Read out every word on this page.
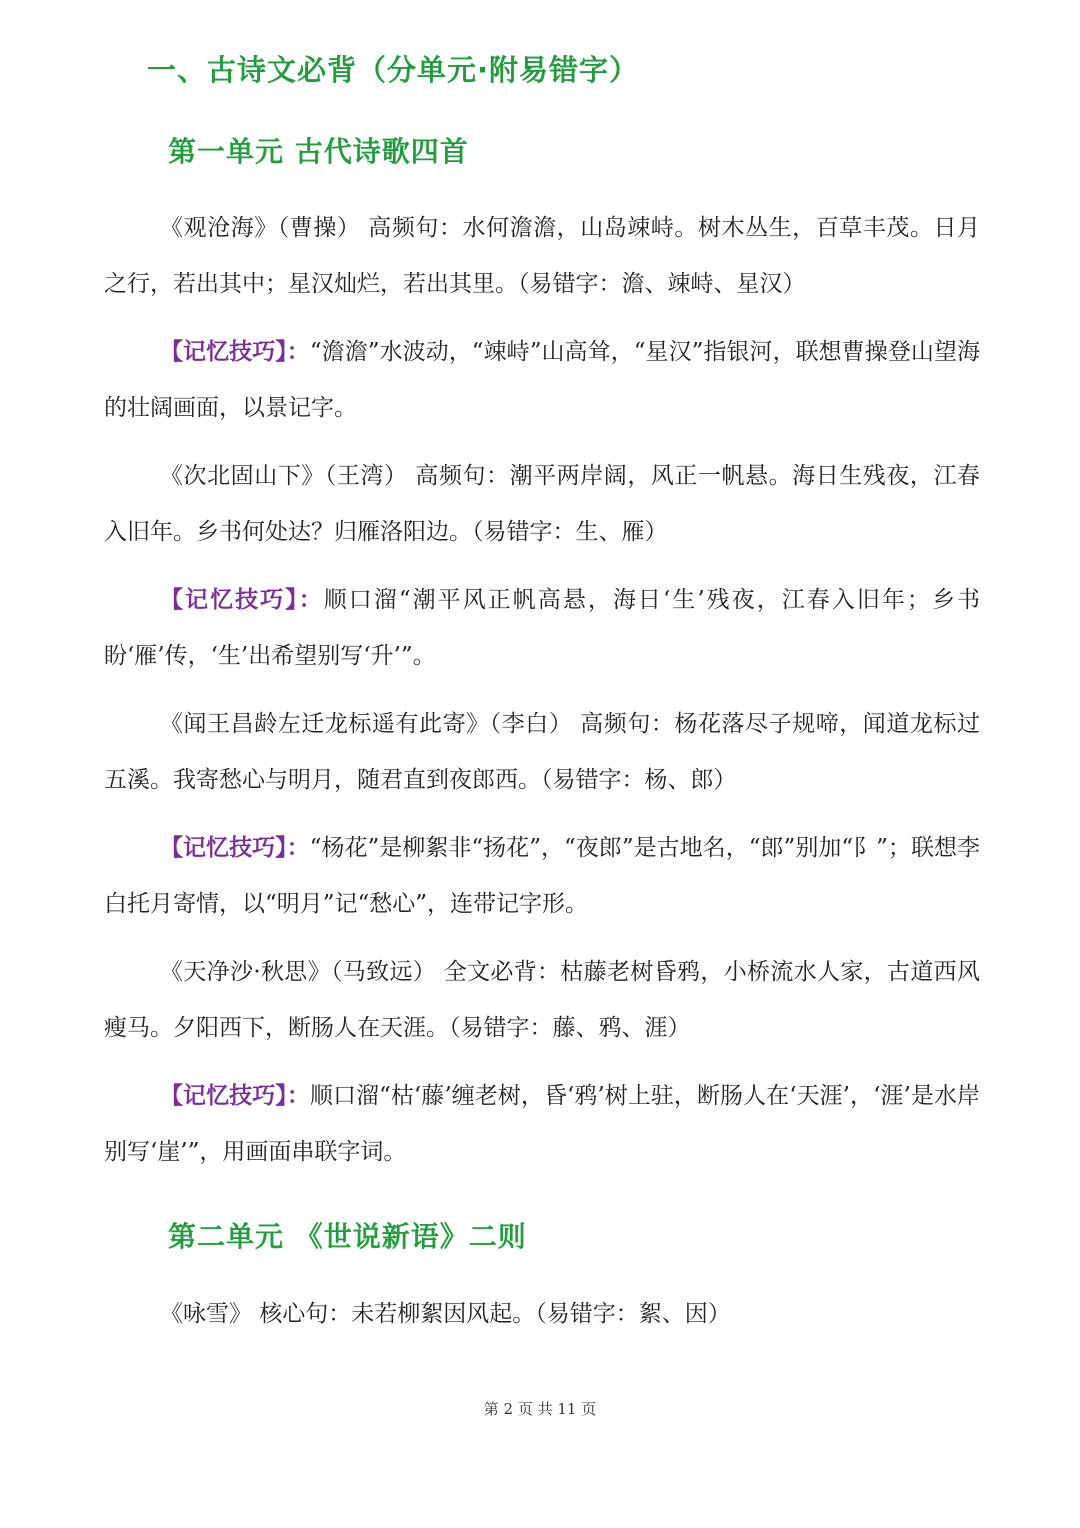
一、古诗文必背（分单元·附易错字）
第一单元 古代诗歌四首

《观沧海》（曹操） 高频句：水何澹澹，山岛竦峙。树木丛生，百草丰茂。日月之行，若出其中；星汉灿烂，若出其里。（易错字：澹、竦峙、星汉）

【记忆技巧】：“澹澹”水波动，“竦峙”山高耸，“星汉”指银河，联想曹操登山望海的壮阔画面，以景记字。

《次北固山下》（王湾） 高频句：潮平两岸阔，风正一帆悬。海日生残夜，江春入旧年。乡书何处达？归雁洛阳边。（易错字：生、雁）

【记忆技巧】：顺口溜“潮平风正帆高悬，海日‘生’残夜，江春入旧年；乡书盼‘雁’传，‘生’出希望别写‘升’”。

《闻王昌龄左迁龙标遥有此寄》（李白） 高频句：杨花落尽子规啼，闻道龙标过五溪。我寄愁心与明月，随君直到夜郎西。（易错字：杨、郎）

【记忆技巧】：“杨花”是柳絮非“扬花”，“夜郎”是古地名，“郎”别加“阝”；联想李白托月寄情，以“明月”记“愁心”，连带记字形。

《天净沙·秋思》（马致远） 全文必背：枯藤老树昏鸦，小桥流水人家，古道西风瘦马。夕阳西下，断肠人在天涯。（易错字：藤、鸦、涯）

【记忆技巧】：顺口溜“枯‘藤’缠老树，昏‘鸦’树上驻，断肠人在‘天涯’，‘涯’是水岸别写‘崖’”，用画面串联字词。

第二单元 《世说新语》二则

《咏雪》 核心句：未若柳絮因风起。（易错字：絮、因）

第 2 页 共 11 页
